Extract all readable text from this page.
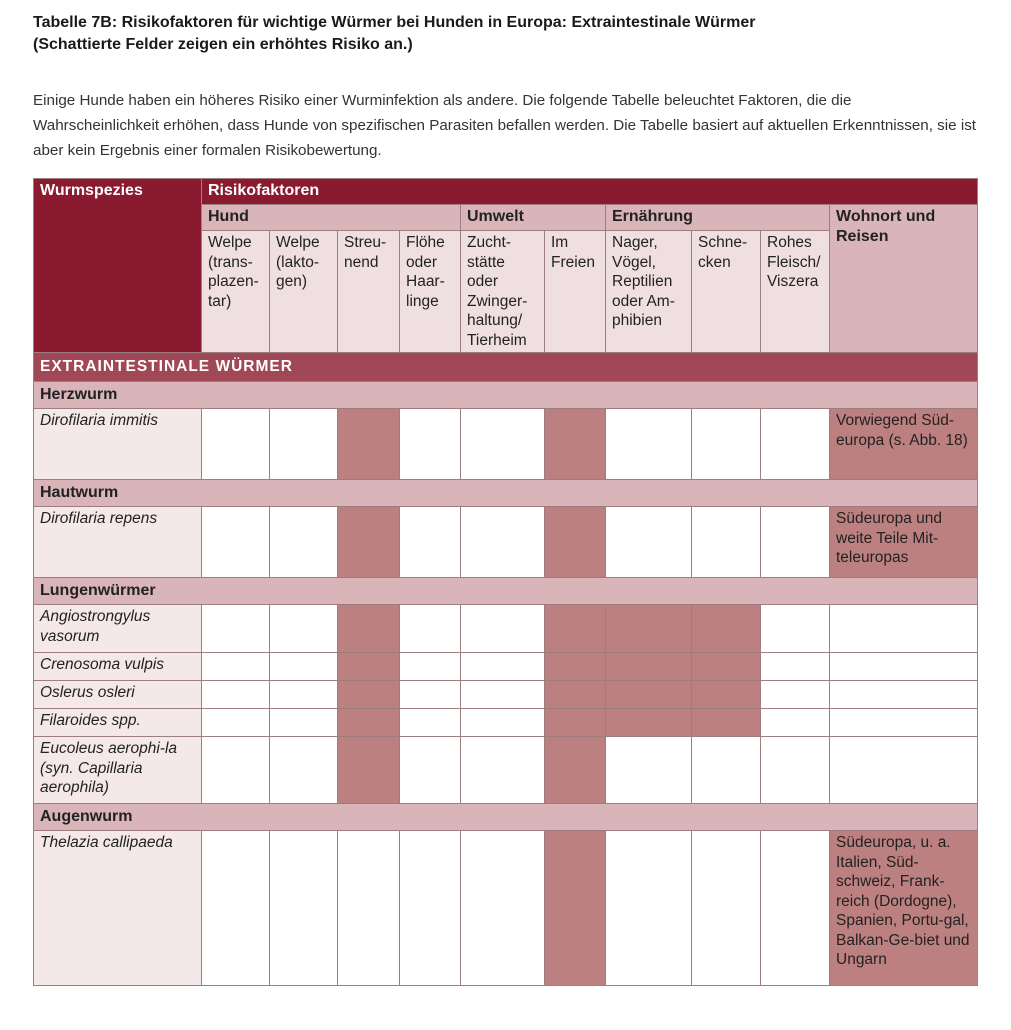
Tabelle 7B: Risikofaktoren für wichtige Würmer bei Hunden in Europa: Extraintestinale Würmer
(Schattierte Felder zeigen ein erhöhtes Risiko an.)

Einige Hunde haben ein höheres Risiko einer Wurminfektion als andere. Die folgende Tabelle beleuchtet Faktoren, die die Wahrscheinlichkeit erhöhen, dass Hunde von spezifischen Parasiten befallen werden. Die Tabelle basiert auf aktuellen Erkenntnissen, sie ist aber kein Ergebnis einer formalen Risikobewertung.

Wurmspezies	Risikofaktoren									
	Hund				Umwelt		Ernährung			Wohnort und Reisen
	Welpe (trans-plazen-tar)	Welpe (lakto-gen)	Streu-nend	Flöhe oder Haar-linge	Zucht-stätte oder Zwinger-haltung/ Tierheim	Im Freien	Nager, Vögel, Reptilien oder Am-phibien	Schne-cken	Rohes Fleisch/ Viszera	
EXTRAINTESTINALE WÜRMER										
Herzwurm										
Dirofilaria immitis										Vorwiegend Süd-europa (s. Abb. 18)
Hautwurm										
Dirofilaria repens										Südeuropa und weite Teile Mit-teleuropas
Lungenwürmer										
Angiostrongylus vasorum										
Crenosoma vulpis										
Oslerus osleri										
Filaroides spp.										
Eucoleus aerophi-la (syn. Capillaria aerophila)										
Augenwurm										
Thelazia callipaeda										Südeuropa, u. a. Italien, Süd-schweiz, Frank-reich (Dordogne), Spanien, Portu-gal, Balkan-Ge-biet und Ungarn
